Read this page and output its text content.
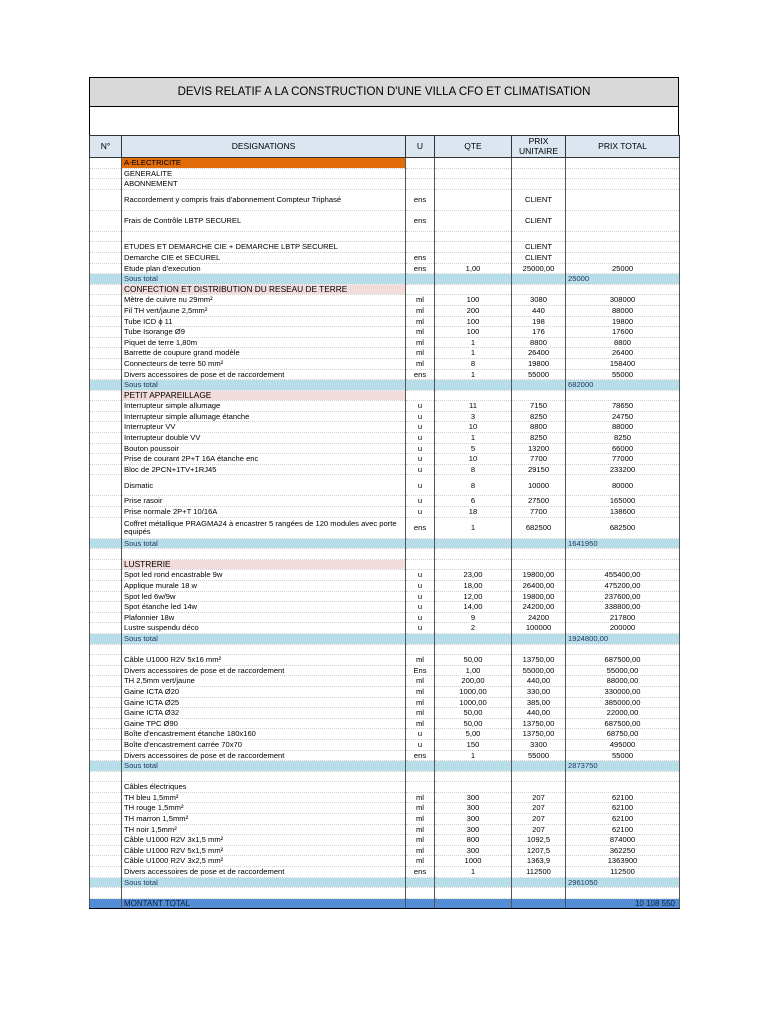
DEVIS RELATIF A LA CONSTRUCTION D'UNE VILLA CFO ET CLIMATISATION
N°	DESIGNATIONS	U	QTE	PRIX UNITAIRE	PRIX TOTAL
	A-ELECTRICITE				
	GENERALITE				
	ABONNEMENT				
	Raccordement y compris frais d'abonnement Compteur Triphasé	ens		CLIENT	
	Frais de Contrôle LBTP SECUREL	ens		CLIENT	

	ETUDES ET DEMARCHE CIE + DEMARCHE LBTP SECUREL			CLIENT	
	Demarche CIE et SECUREL	ens		CLIENT	
	Etude plan d'execution	ens	1,00	25000,00	25000
	Sous total				25000
	CONFECTION ET DISTRIBUTION DU RESEAU DE TERRE				
	Mètre de cuivre nu 29mm²	ml	100	3080	308000
	Fil TH vert/jaune 2,5mm²	ml	200	440	88000
	Tube ICD ϕ 11	ml	100	198	19800
	Tube Isorange Ø9	ml	100	176	17600
	Piquet de terre 1,80m	ml	1	8800	8800
	Barrette de coupure grand modèle	ml	1	26400	26400
	Connecteurs de terre 50 mm²	ml	8	19800	158400
	Divers accessoires de pose et de raccordement	ens	1	55000	55000
	Sous total				682000
	PETIT APPAREILLAGE				
	Interrupteur simple allumage	u	11	7150	78650
	Interrupteur simple allumage étanche	u	3	8250	24750
	Interrupteur VV	u	10	8800	88000
	Interrupteur double VV	u	1	8250	8250
	Bouton poussoir	u	5	13200	66000
	Prise de courant 2P+T 16A étanche enc	u	10	7700	77000
	Bloc de 2PCN+1TV+1RJ45	u	8	29150	233200
	Dismatic	u	8	10000	80000
	Prise rasoir	u	6	27500	165000
	Prise normale 2P+T 10/16A	u	18	7700	138600
	Coffret métallique PRAGMA24 à encastrer 5 rangées de 120 modules avec porte equipés	ens	1	682500	682500
	Sous total				1641950

	LUSTRERIE				
	Spot led rond encastrable 9w	u	23,00	19800,00	455400,00
	Applique murale 18 w	u	18,00	26400,00	475200,00
	Spot led 6w/9w	u	12,00	19800,00	237600,00
	Spot étanche led 14w	u	14,00	24200,00	338800,00
	Plafonnier 18w	u	9	24200	217800
	Lustre suspendu déco	u	2	100000	200000
	Sous total				1924800,00

	Câble U1000 R2V 5x16 mm²	ml	50,00	13750,00	687500,00
	Divers accessoires de pose et de raccordement	Ens	1,00	55000,00	55000,00
	TH 2,5mm vert/jaune	ml	200,00	440,00	88000,00
	Gaine ICTA Ø20	ml	1000,00	330,00	330000,00
	Gaine ICTA Ø25	ml	1000,00	385,00	385000,00
	Gaine ICTA Ø32	ml	50,00	440,00	22000,00
	Gaine TPC Ø90	ml	50,00	13750,00	687500,00
	Boîte d'encastrement étanche 180x160	u	5,00	13750,00	68750,00
	Boîte d'encastrement carrée 70x70	u	150	3300	495000
	Divers accessoires de pose et de raccordement	ens	1	55000	55000
	Sous total				2873750

	Câbles électriques				
	TH bleu 1,5mm²	ml	300	207	62100
	TH rouge 1,5mm²	ml	300	207	62100
	TH marron 1,5mm²	ml	300	207	62100
	TH noir 1,5mm²	ml	300	207	62100
	Câble U1000 R2V 3x1,5 mm²	ml	800	1092,5	874000
	Câble U1000 R2V 5x1,5 mm²	ml	300	1207,5	362250
	Câble U1000 R2V 3x2,5 mm²	ml	1000	1363,9	1363900
	Divers accessoires de pose et de raccordement	ens	1	112500	112500
	Sous total				2961050

	MONTANT TOTAL				10 108 550
